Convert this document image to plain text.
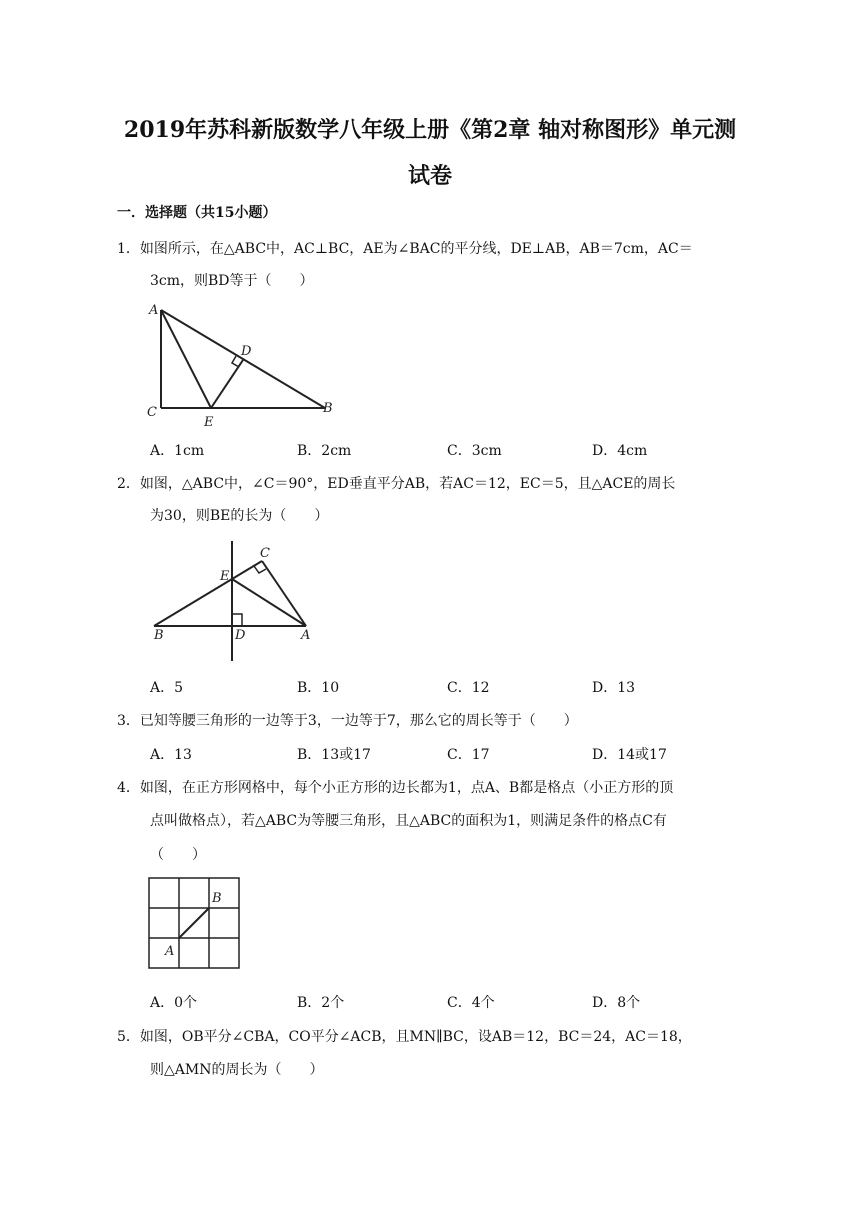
2019年苏科新版数学八年级上册《第2章 轴对称图形》单元测
试卷
一．选择题（共15小题）
1．如图所示，在△ABC中，AC⊥BC，AE为∠BAC的平分线，DE⊥AB，AB＝7cm，AC＝
3cm，则BD等于（　　）
A
D
C
E
B
A．1cm	B．2cm	C．3cm	D．4cm
2．如图，△ABC中，∠C＝90°，ED垂直平分AB，若AC＝12，EC＝5，且△ACE的周长
为30，则BE的长为（　　）
C
E
B	D	A
A．5	B．10	C．12	D．13
3．已知等腰三角形的一边等于3，一边等于7，那么它的周长等于（　　）
A．13	B．13或17	C．17	D．14或17
4．如图，在正方形网格中，每个小正方形的边长都为1，点A、B都是格点（小正方形的顶
点叫做格点），若△ABC为等腰三角形，且△ABC的面积为1，则满足条件的格点C有
（　　）
B
A
A．0个	B．2个	C．4个	D．8个
5．如图，OB平分∠CBA，CO平分∠ACB，且MN∥BC，设AB＝12，BC＝24，AC＝18，
则△AMN的周长为（　　）
